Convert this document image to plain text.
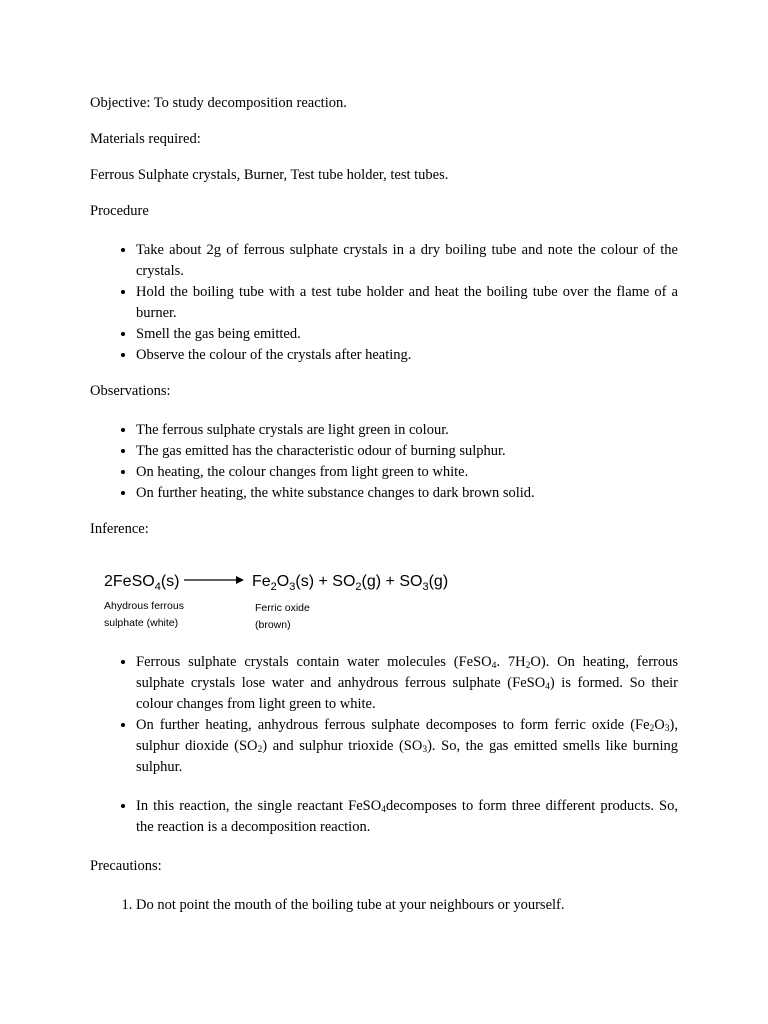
Objective: To study decomposition reaction.

Materials required:

Ferrous Sulphate crystals, Burner, Test tube holder, test tubes.

Procedure

• Take about 2g of ferrous sulphate crystals in a dry boiling tube and note the colour of the crystals.
• Hold the boiling tube with a test tube holder and heat the boiling tube over the flame of a burner.
• Smell the gas being emitted.
• Observe the colour of the crystals after heating.

Observations:

• The ferrous sulphate crystals are light green in colour.
• The gas emitted has the characteristic odour of burning sulphur.
• On heating, the colour changes from light green to white.
• On further heating, the white substance changes to dark brown solid.

Inference:

2FeSO$_4$(s)	$Fe_2O_3(s) + SO_2(g) + SO_3(g)$
Ahydrous ferrous
sulphate (white)
Ferric oxide
(brown)
• Ferrous sulphate crystals contain water molecules (FeSO$_4$. $7H_2O$). On heating, ferrous sulphate crystals lose water and anhydrous ferrous sulphate (FeSO$_4$) is formed. So their colour changes from light green to white.
• On further heating, anhydrous ferrous sulphate decomposes to form ferric oxide $(Fe_2O_3)$, sulphur dioxide $(SO_2)$ and sulphur trioxide $(SO_3)$. So, the gas emitted smells like burning sulphur.
• In this reaction, the single reactant FeSO$_4$decomposes to form three different products. So, the reaction is a decomposition reaction.

Precautions:

1. Do not point the mouth of the boiling tube at your neighbours or yourself.
